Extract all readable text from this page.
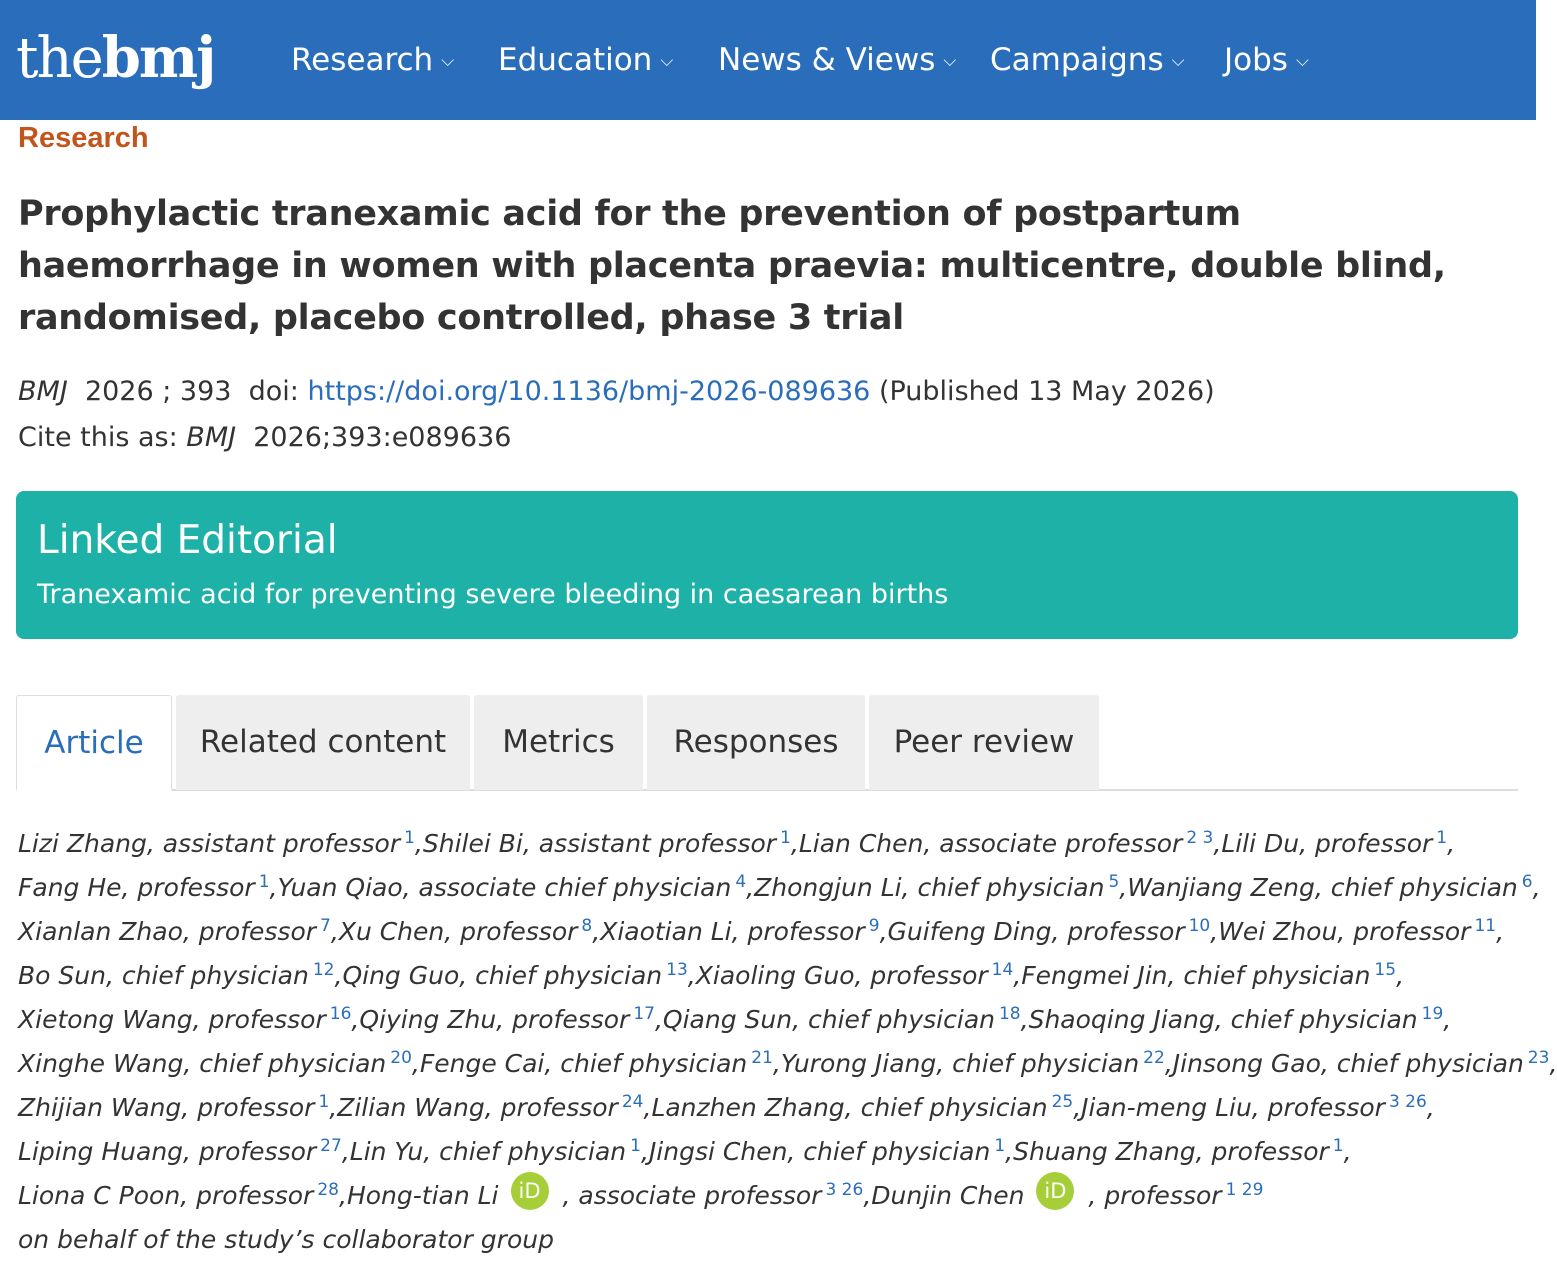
thebmj Research ⌵ Education ⌵ News & Views ⌵ Campaigns ⌵ Jobs ⌵
Research
Prophylactic tranexamic acid for the prevention of postpartum haemorrhage in women with placenta praevia: multicentre, double blind, randomised, placebo controlled, phase 3 trial
BMJ 2026 ; 393 doi: https://doi.org/10.1136/bmj-2026-089636 (Published 13 May 2026)
Cite this as: BMJ 2026;393:e089636
Linked Editorial
Tranexamic acid for preventing severe bleeding in caesarean births
Article	Related content	Metrics	Responses	Peer review
Lizi Zhang, assistant professor $^1$,Shilei Bi, assistant professor $^1$,Lian Chen, associate professor $^{2 3}$,Lili Du, professor $^1$,
Fang He, professor $^1$,Yuan Qiao, associate chief physician $^4$,Zhongjun Li, chief physician $^5$,Wanjiang Zeng, chief physician $^6$,
Xianlan Zhao, professor $^7$,Xu Chen, professor $^8$,Xiaotian Li, professor $^9$,Guifeng Ding, professor $^{10}$,Wei Zhou, professor $^{11}$,
Bo Sun, chief physician $^{12}$,Qing Guo, chief physician $^{13}$,Xiaoling Guo, professor $^{14}$,Fengmei Jin, chief physician $^{15}$,
Xietong Wang, professor $^{16}$,Qiying Zhu, professor $^{17}$,Qiang Sun, chief physician $^{18}$,Shaoqing Jiang, chief physician $^{19}$,
Xinghe Wang, chief physician $^{20}$,Fenge Cai, chief physician $^{21}$,Yurong Jiang, chief physician $^{22}$,Jinsong Gao, chief physician $^{23}$,
Zhijian Wang, professor $^1$,Zilian Wang, professor $^{24}$,Lanzhen Zhang, chief physician $^{25}$,Jian-meng Liu, professor $^{3 26}$,
Liping Huang, professor $^{27}$,Lin Yu, chief physician $^1$,Jingsi Chen, chief physician $^1$,Shuang Zhang, professor $^1$,
Liona C Poon, professor $^{28}$,Hong-tian Li iD , associate professor $^{3 26}$,Dunjin Chen iD , professor $^{1 29}$
on behalf of the study’s collaborator group
